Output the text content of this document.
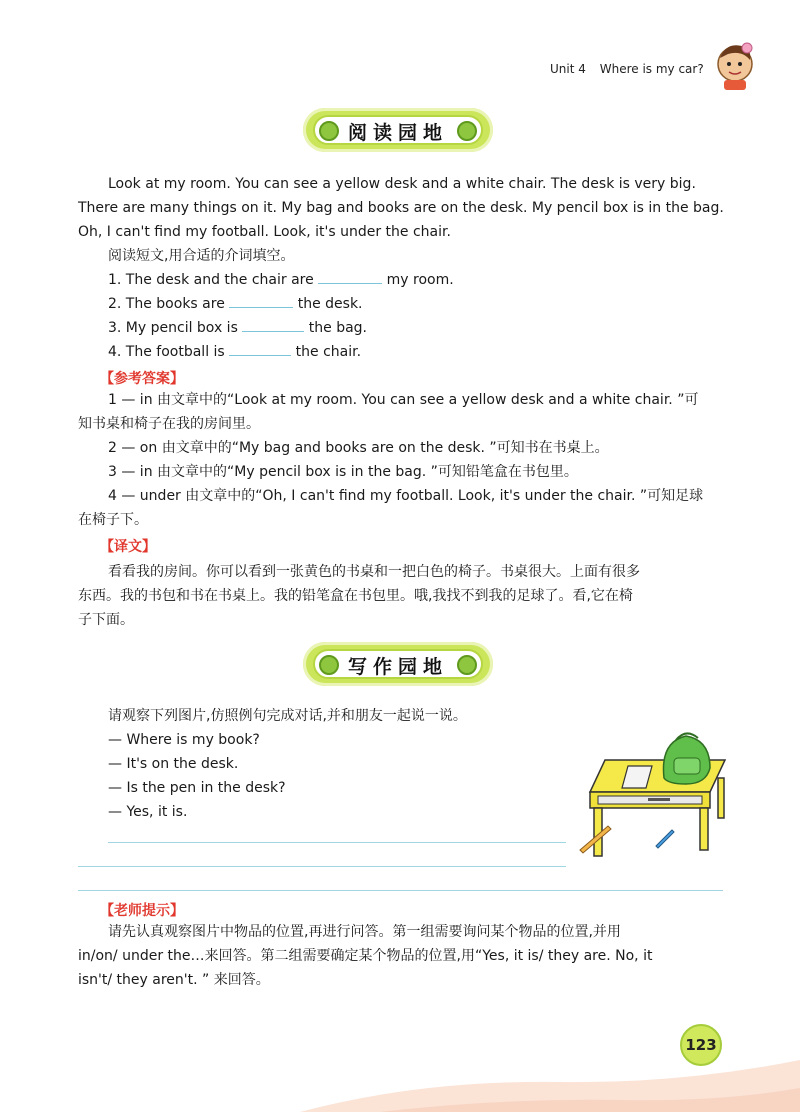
Unit 4 Where is my car?
阅读园地
Look at my room. You can see a yellow desk and a white chair. The desk is very big.
There are many things on it. My bag and books are on the desk. My pencil box is in the bag.
Oh, I can't find my football. Look, it's under the chair.
阅读短文,用合适的介词填空。
1. The desk and the chair are	my room.
2. The books are	the desk.
3. My pencil box is	the bag.
4. The football is	the chair.
【参考答案】
1 — in 由文章中的“Look at my room. You can see a yellow desk and a white chair. ”可
知书桌和椅子在我的房间里。
2 — on 由文章中的“My bag and books are on the desk. ”可知书在书桌上。
3 — in 由文章中的“My pencil box is in the bag. ”可知铅笔盒在书包里。
4 — under 由文章中的“Oh, I can't find my football. Look, it's under the chair. ”可知足球
在椅子下。
【译文】
看看我的房间。你可以看到一张黄色的书桌和一把白色的椅子。书桌很大。上面有很多
东西。我的书包和书在书桌上。我的铅笔盒在书包里。哦,我找不到我的足球了。看,它在椅
子下面。
写作园地
请观察下列图片,仿照例句完成对话,并和朋友一起说一说。
— Where is my book?
— It's on the desk.
— Is the pen in the desk?
— Yes, it is.
【老师提示】
请先认真观察图片中物品的位置,再进行问答。第一组需要询问某个物品的位置,并用
in/on/ under the…来回答。第二组需要确定某个物品的位置,用“Yes, it is/ they are. No, it
isn't/ they aren't. ” 来回答。
123
